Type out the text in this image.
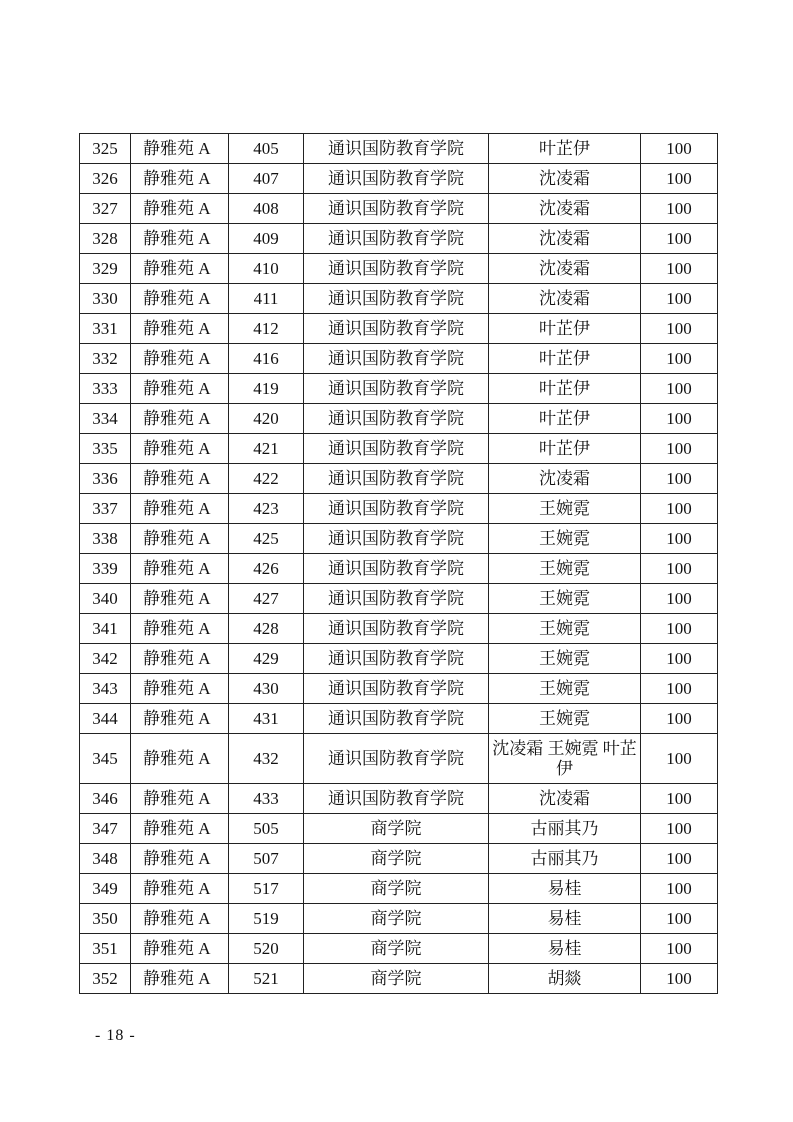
325	静雅苑 A	405	通识国防教育学院	叶芷伊	100
326	静雅苑 A	407	通识国防教育学院	沈凌霜	100
327	静雅苑 A	408	通识国防教育学院	沈凌霜	100
328	静雅苑 A	409	通识国防教育学院	沈凌霜	100
329	静雅苑 A	410	通识国防教育学院	沈凌霜	100
330	静雅苑 A	411	通识国防教育学院	沈凌霜	100
331	静雅苑 A	412	通识国防教育学院	叶芷伊	100
332	静雅苑 A	416	通识国防教育学院	叶芷伊	100
333	静雅苑 A	419	通识国防教育学院	叶芷伊	100
334	静雅苑 A	420	通识国防教育学院	叶芷伊	100
335	静雅苑 A	421	通识国防教育学院	叶芷伊	100
336	静雅苑 A	422	通识国防教育学院	沈凌霜	100
337	静雅苑 A	423	通识国防教育学院	王婉霓	100
338	静雅苑 A	425	通识国防教育学院	王婉霓	100
339	静雅苑 A	426	通识国防教育学院	王婉霓	100
340	静雅苑 A	427	通识国防教育学院	王婉霓	100
341	静雅苑 A	428	通识国防教育学院	王婉霓	100
342	静雅苑 A	429	通识国防教育学院	王婉霓	100
343	静雅苑 A	430	通识国防教育学院	王婉霓	100
344	静雅苑 A	431	通识国防教育学院	王婉霓	100
345	静雅苑 A	432	通识国防教育学院	沈凌霜 王婉霓 叶芷伊	100
346	静雅苑 A	433	通识国防教育学院	沈凌霜	100
347	静雅苑 A	505	商学院	古丽其乃	100
348	静雅苑 A	507	商学院	古丽其乃	100
349	静雅苑 A	517	商学院	易桂	100
350	静雅苑 A	519	商学院	易桂	100
351	静雅苑 A	520	商学院	易桂	100
352	静雅苑 A	521	商学院	胡燚	100
- 18 -
